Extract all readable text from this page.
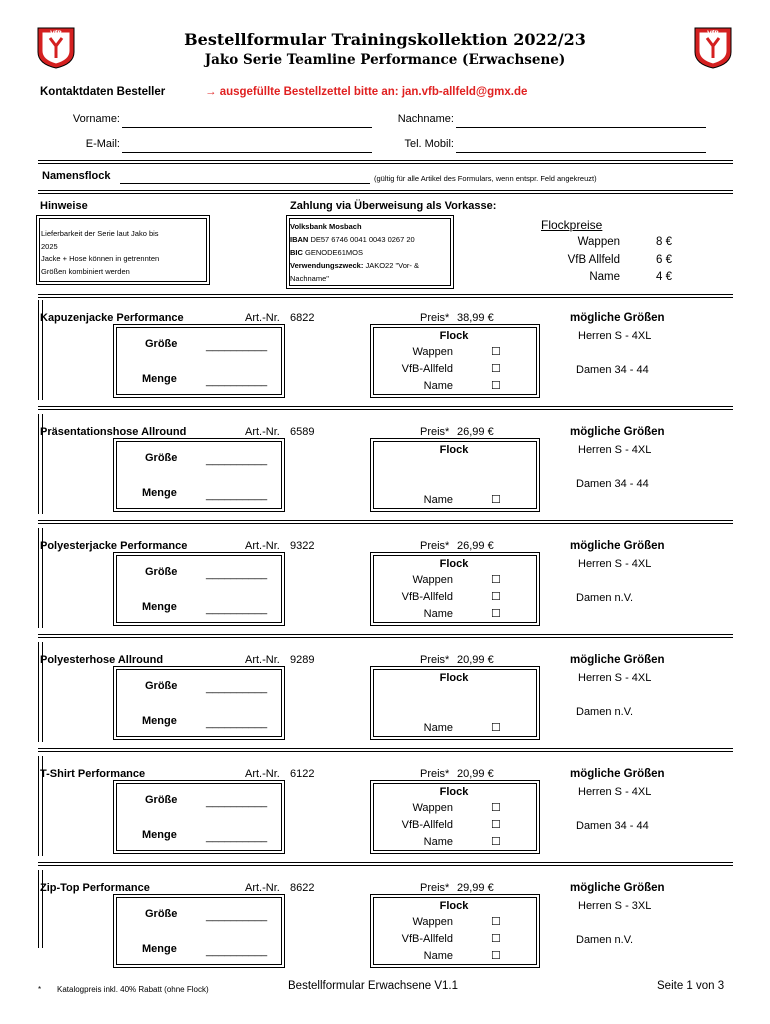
VfB	VfB
Bestellformular Trainingskollektion 2022/23
Jako Serie Teamline Performance (Erwachsene)
Kontaktdaten Besteller	→ ausgefüllte Bestellzettel bitte an: jan.vfb-allfeld@gmx.de
Vorname:	Nachname:
E-Mail:	Tel. Mobil:
Namensflock	(gültig für alle Artikel des Formulars, wenn entspr. Feld angekreuzt)
Hinweise
Lieferbarkeit der Serie laut Jako bis
2025
Jacke + Hose können in getrennten
Größen kombiniert werden
Zahlung via Überweisung als Vorkasse:
Volksbank Mosbach
IBAN DE57 6746 0041 0043 0267 20
BIC GENODE61MOS
Verwendungszweck: JAKO22 "Vor- &
Nachname"
Flockpreise
Wappen	8 €
VfB Allfeld	6 €
Name	4 €
Kapuzenjacke Performance	Art.-Nr. 6822	Preis* 38,99 €	mögliche Größen
Herren S - 4XL
Damen 34 - 44
Größe	__________
Menge	__________
Flock
Wappen	☐
VfB-Allfeld	☐
Name	☐
Präsentationshose Allround	Art.-Nr. 6589	Preis* 26,99 €	mögliche Größen
Herren S - 4XL
Damen 34 - 44
Größe	__________
Menge	__________
Flock
Name	☐
Polyesterjacke Performance	Art.-Nr. 9322	Preis* 26,99 €	mögliche Größen
Herren S - 4XL
Damen n.V.
Größe	__________
Menge	__________
Flock
Wappen	☐
VfB-Allfeld	☐
Name	☐
Polyesterhose Allround	Art.-Nr. 9289	Preis* 20,99 €	mögliche Größen
Herren S - 4XL
Damen n.V.
Größe	__________
Menge	__________
Flock
Name	☐
T-Shirt Performance	Art.-Nr. 6122	Preis* 20,99 €	mögliche Größen
Herren S - 4XL
Damen 34 - 44
Größe	__________
Menge	__________
Flock
Wappen	☐
VfB-Allfeld	☐
Name	☐
Zip-Top Performance	Art.-Nr. 8622	Preis* 29,99 €	mögliche Größen
Herren S - 3XL
Damen n.V.
Größe	__________
Menge	__________
Flock
Wappen	☐
VfB-Allfeld	☐
Name	☐
* Katalogpreis inkl. 40% Rabatt (ohne Flock)	Bestellformular Erwachsene V1.1	Seite 1 von 3
